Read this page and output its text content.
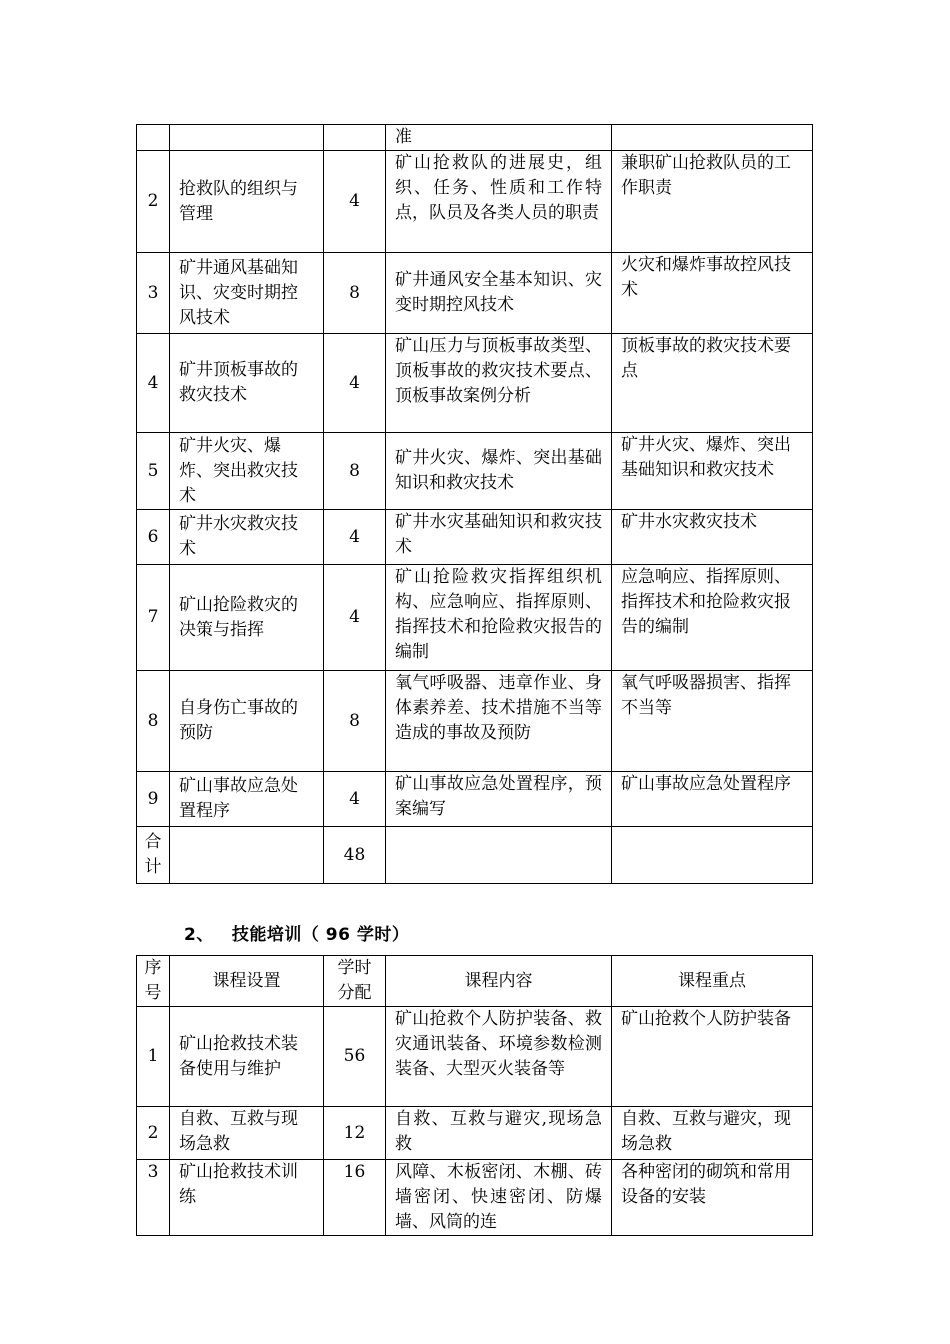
			准	
2	抢救队的组织与管理	4	矿山抢救队的进展史，组织、任务、性质和工作特点，队员及各类人员的职责	兼职矿山抢救队员的工作职责
3	矿井通风基础知识、灾变时期控风技术	8	矿井通风安全基本知识、灾变时期控风技术	火灾和爆炸事故控风技术
4	矿井顶板事故的救灾技术	4	矿山压力与顶板事故类型、顶板事故的救灾技术要点、顶板事故案例分析	顶板事故的救灾技术要点
5	矿井火灾、爆炸、突出救灾技术	8	矿井火灾、爆炸、突出基础知识和救灾技术	矿井火灾、爆炸、突出基础知识和救灾技术
6	矿井水灾救灾技术	4	矿井水灾基础知识和救灾技术	矿井水灾救灾技术
7	矿山抢险救灾的决策与指挥	4	矿山抢险救灾指挥组织机构、应急响应、指挥原则、指挥技术和抢险救灾报告的编制	应急响应、指挥原则、指挥技术和抢险救灾报告的编制
8	自身伤亡事故的预防	8	氧气呼吸器、违章作业、身体素养差、技术措施不当等造成的事故及预防	氧气呼吸器损害、指挥不当等
9	矿山事故应急处置程序	4	矿山事故应急处置程序，预案编写	矿山事故应急处置程序
合计		48		
2、 技能培训（ 96 学时）
序号	课程设置	学时分配	课程内容	课程重点
1	矿山抢救技术装备使用与维护	56	矿山抢救个人防护装备、救灾通讯装备、环境参数检测装备、大型灭火装备等	矿山抢救个人防护装备
2	自救、互救与现场急救	12	自救、互救与避灾,现场急救	自救、互救与避灾，现场急救
3	矿山抢救技术训练	16	风障、木板密闭、木棚、砖墙密闭、快速密闭、防爆墙、风筒的连	各种密闭的砌筑和常用设备的安装
